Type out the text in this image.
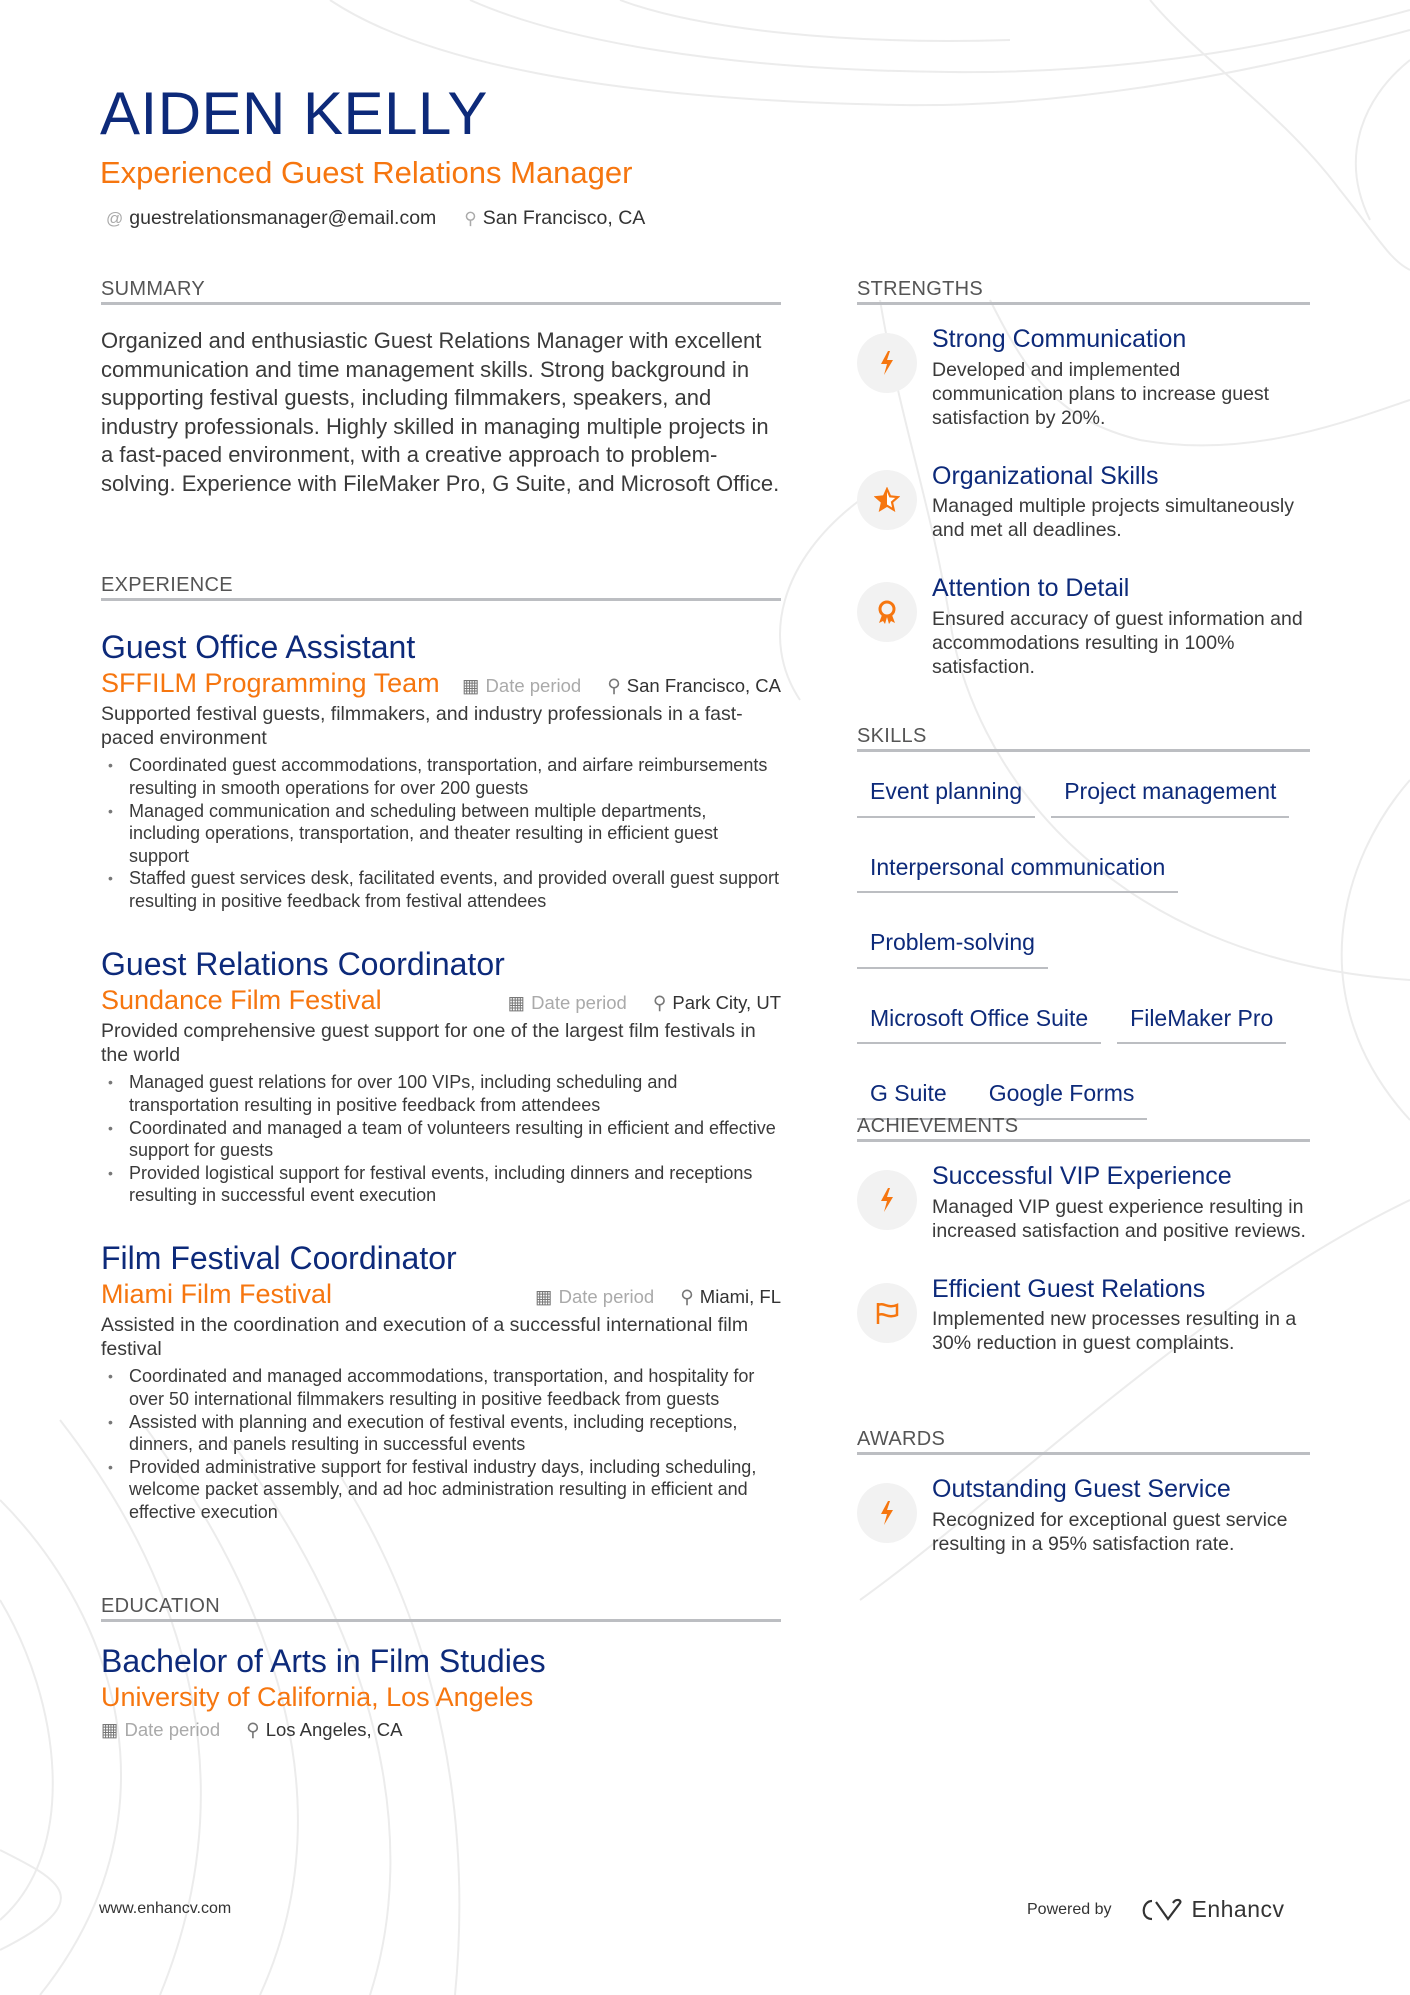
AIDEN KELLY
Experienced Guest Relations Manager
@ guestrelationsmanager@email.com ⚲ San Francisco, CA
SUMMARY
Organized and enthusiastic Guest Relations Manager with excellent communication and time management skills. Strong background in supporting festival guests, including filmmakers, speakers, and industry professionals. Highly skilled in managing multiple projects in a fast-paced environment, with a creative approach to problem-solving. Experience with FileMaker Pro, G Suite, and Microsoft Office.
EXPERIENCE
Guest Office Assistant
SFFILM Programming Team	▦ Date period ⚲ San Francisco, CA
Supported festival guests, filmmakers, and industry professionals in a fast-paced environment
• Coordinated guest accommodations, transportation, and airfare reimbursements resulting in smooth operations for over 200 guests
• Managed communication and scheduling between multiple departments, including operations, transportation, and theater resulting in efficient guest support
• Staffed guest services desk, facilitated events, and provided overall guest support resulting in positive feedback from festival attendees
Guest Relations Coordinator
Sundance Film Festival	▦ Date period ⚲ Park City, UT
Provided comprehensive guest support for one of the largest film festivals in the world
• Managed guest relations for over 100 VIPs, including scheduling and transportation resulting in positive feedback from attendees
• Coordinated and managed a team of volunteers resulting in efficient and effective support for guests
• Provided logistical support for festival events, including dinners and receptions resulting in successful event execution
Film Festival Coordinator
Miami Film Festival	▦ Date period ⚲ Miami, FL
Assisted in the coordination and execution of a successful international film festival
• Coordinated and managed accommodations, transportation, and hospitality for over 50 international filmmakers resulting in positive feedback from guests
• Assisted with planning and execution of festival events, including receptions, dinners, and panels resulting in successful events
• Provided administrative support for festival industry days, including scheduling, welcome packet assembly, and ad hoc administration resulting in efficient and effective execution
EDUCATION
Bachelor of Arts in Film Studies
University of California, Los Angeles
▦ Date period ⚲ Los Angeles, CA
STRENGTHS
Strong Communication
Developed and implemented communication plans to increase guest satisfaction by 20%.
Organizational Skills
Managed multiple projects simultaneously and met all deadlines.
Attention to Detail
Ensured accuracy of guest information and accommodations resulting in 100% satisfaction.
SKILLS
Event planning	Project management
Interpersonal communication
Problem-solving
Microsoft Office Suite	FileMaker Pro
G Suite	Google Forms
ACHIEVEMENTS
Successful VIP Experience
Managed VIP guest experience resulting in increased satisfaction and positive reviews.
Efficient Guest Relations
Implemented new processes resulting in a 30% reduction in guest complaints.
AWARDS
Outstanding Guest Service
Recognized for exceptional guest service resulting in a 95% satisfaction rate.
www.enhancv.com	Powered by	Enhancv
